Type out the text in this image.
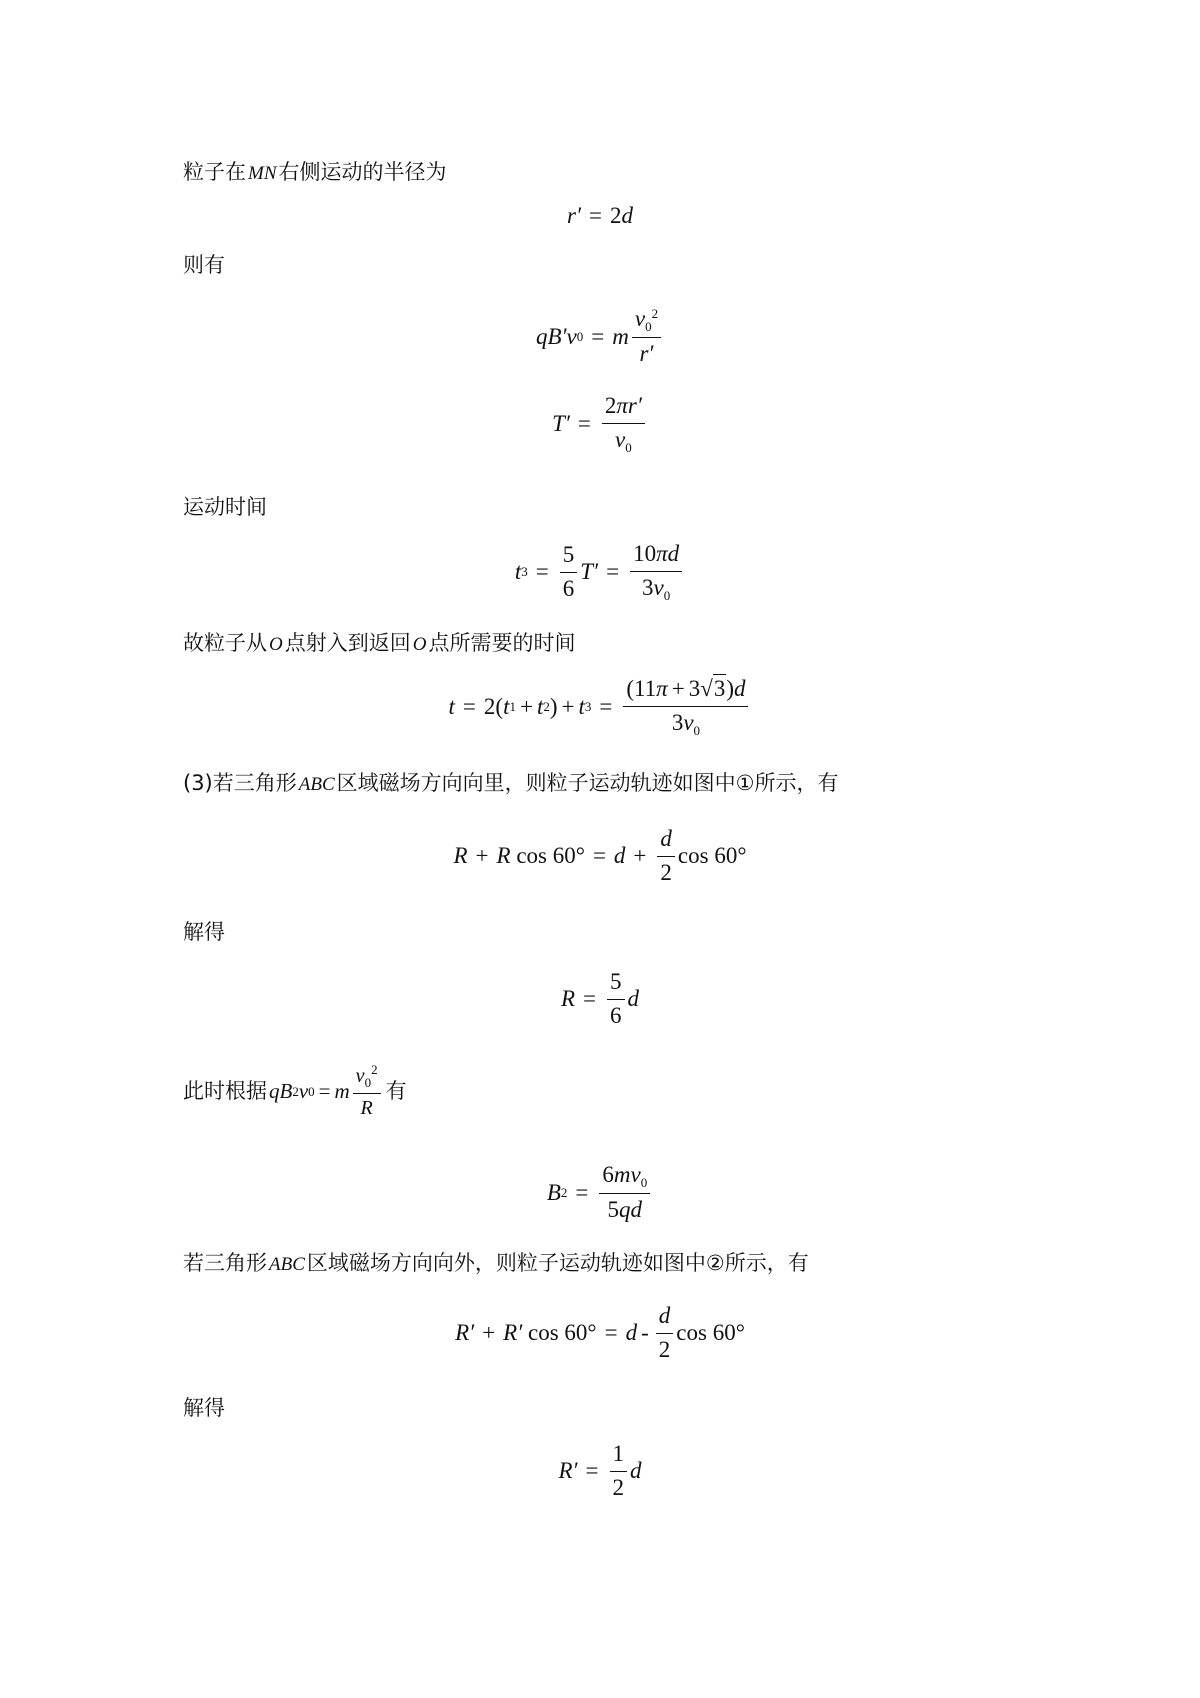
粒子在 MN右侧运动的半径为
r′ = 2 d
则有
qB′v 0 = m $\frac{v_0^2}{r'}$
$T' = \frac{2\pi r'}{v_0}$
运动时间
t $3 = \frac{5}{6} T' = \frac{10\pi d}{3v_0}$
故粒子从 O点射入到返回 O点所需要的时间
t = 2( t 1 + t 2 ) + t $3 = \frac{(11\pi + 3 √ 3 )d}{3v_0}$
(3)若三角形 ABC区域磁场方向向里，则粒子运动轨迹如图中①所示，有
R + R
$\cos 60^\circ = d + \frac{d}{2}$ cos 60°
解得
$R = \frac{5}{6}$ d
此时根据 qB 2 v 0 = m $\frac{v_0^2}{R}$ 有
B $2 = \frac{6mv_0}{5qd}$
若三角形 ABC区域磁场方向向外，则粒子运动轨迹如图中②所示，有
R′ + R′
$\cos 60^\circ = d - \frac{d}{2}$ cos 60°
解得
$R' = \frac{1}{2}$ d
